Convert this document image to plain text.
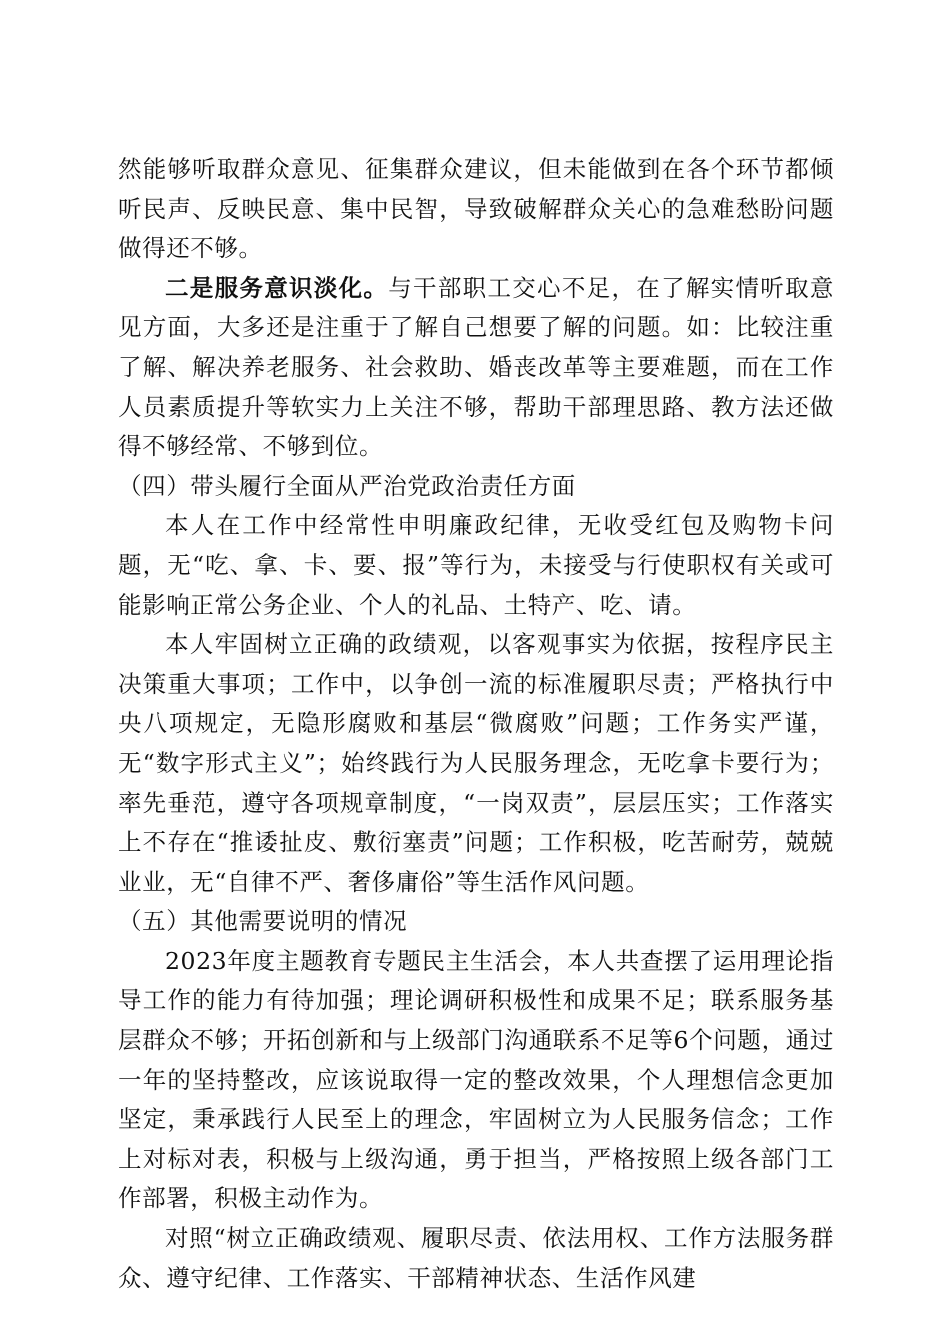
然能够听取群众意见、征集群众建议，但未能做到在各个环节都倾听民声、反映民意、集中民智，导致破解群众关心的急难愁盼问题做得还不够。

二是服务意识淡化。与干部职工交心不足，在了解实情听取意见方面，大多还是注重于了解自己想要了解的问题。如：比较注重了解、解决养老服务、社会救助、婚丧改革等主要难题，而在工作人员素质提升等软实力上关注不够，帮助干部理思路、教方法还做得不够经常、不够到位。

（四）带头履行全面从严治党政治责任方面

本人在工作中经常性申明廉政纪律，无收受红包及购物卡问题，无“吃、拿、卡、要、报”等行为，未接受与行使职权有关或可能影响正常公务企业、个人的礼品、土特产、吃、请。

本人牢固树立正确的政绩观，以客观事实为依据，按程序民主决策重大事项；工作中，以争创一流的标准履职尽责；严格执行中央八项规定，无隐形腐败和基层“微腐败”问题；工作务实严谨，无“数字形式主义”；始终践行为人民服务理念，无吃拿卡要行为；率先垂范，遵守各项规章制度，“一岗双责”，层层压实；工作落实上不存在“推诿扯皮、敷衍塞责”问题；工作积极，吃苦耐劳，兢兢业业，无“自律不严、奢侈庸俗”等生活作风问题。

（五）其他需要说明的情况

2023年度主题教育专题民主生活会，本人共查摆了运用理论指导工作的能力有待加强；理论调研积极性和成果不足；联系服务基层群众不够；开拓创新和与上级部门沟通联系不足等6个问题，通过一年的坚持整改，应该说取得一定的整改效果，个人理想信念更加坚定，秉承践行人民至上的理念，牢固树立为人民服务信念；工作上对标对表，积极与上级沟通，勇于担当，严格按照上级各部门工作部署，积极主动作为。

对照“树立正确政绩观、履职尽责、依法用权、工作方法服务群众、遵守纪律、工作落实、干部精神状态、生活作风建
